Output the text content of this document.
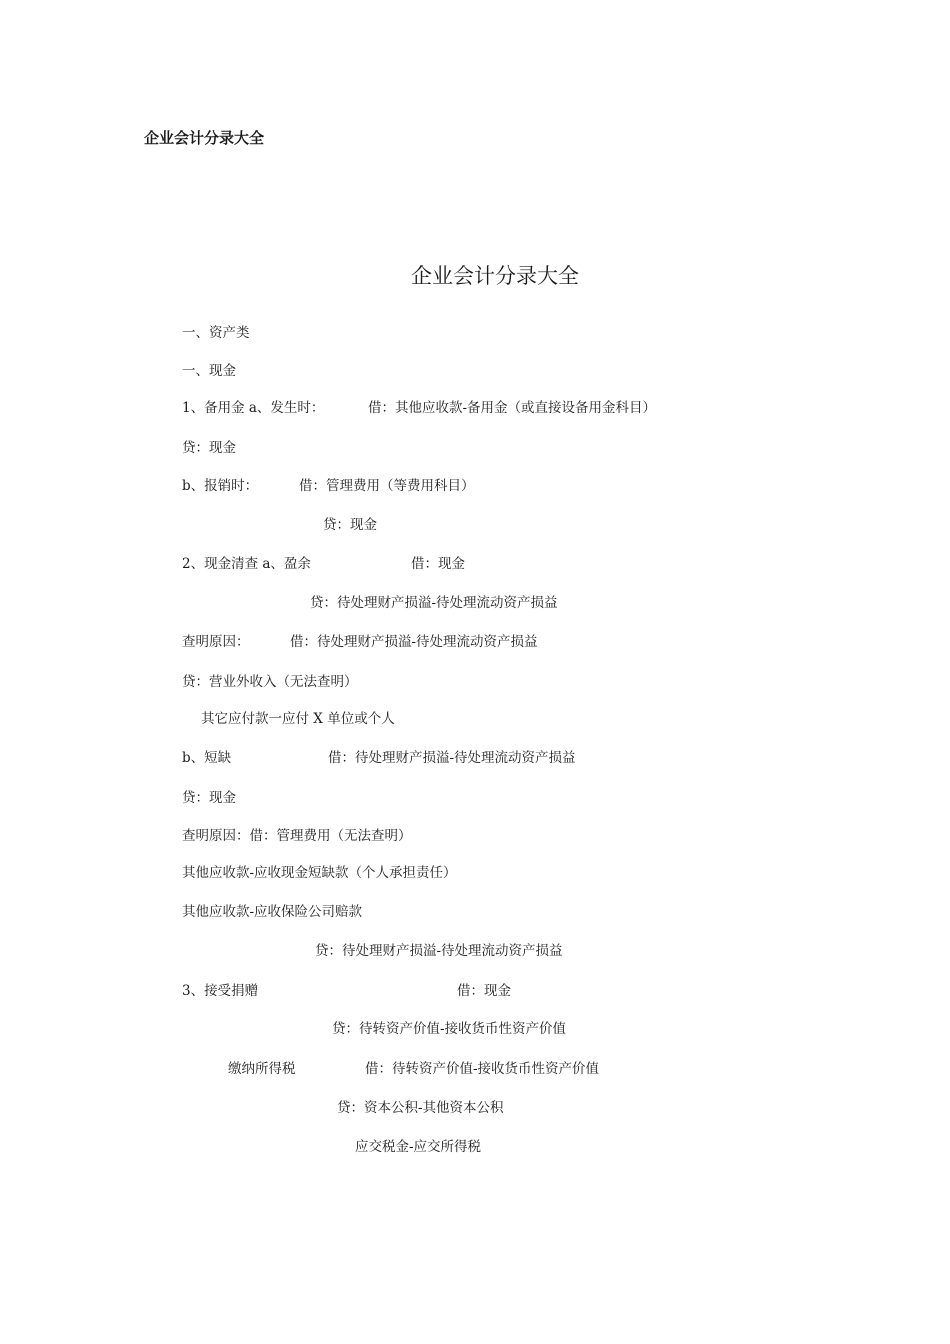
企业会计分录大全
企业会计分录大全
一、资产类
一、现金
1、备用金 a、发生时：	借：其他应收款-备用金（或直接设备用金科目）
贷：现金
b、报销时：	借：管理费用（等费用科目）
贷：现金
2、现金清查 a、盈余	借：现金
贷：待处理财产损溢-待处理流动资产损益
查明原因：	借：待处理财产损溢-待处理流动资产损益
贷：营业外收入（无法查明）
其它应付款一应付 X 单位或个人
b、短缺	借：待处理财产损溢-待处理流动资产损益
贷：现金
查明原因：借：管理费用（无法查明）
其他应收款-应收现金短缺款（个人承担责任）
其他应收款-应收保险公司赔款
贷：待处理财产损溢-待处理流动资产损益
3、接受捐赠	借：现金
贷：待转资产价值-接收货币性资产价值
缴纳所得税	借：待转资产价值-接收货币性资产价值
贷：资本公积-其他资本公积
应交税金-应交所得税
